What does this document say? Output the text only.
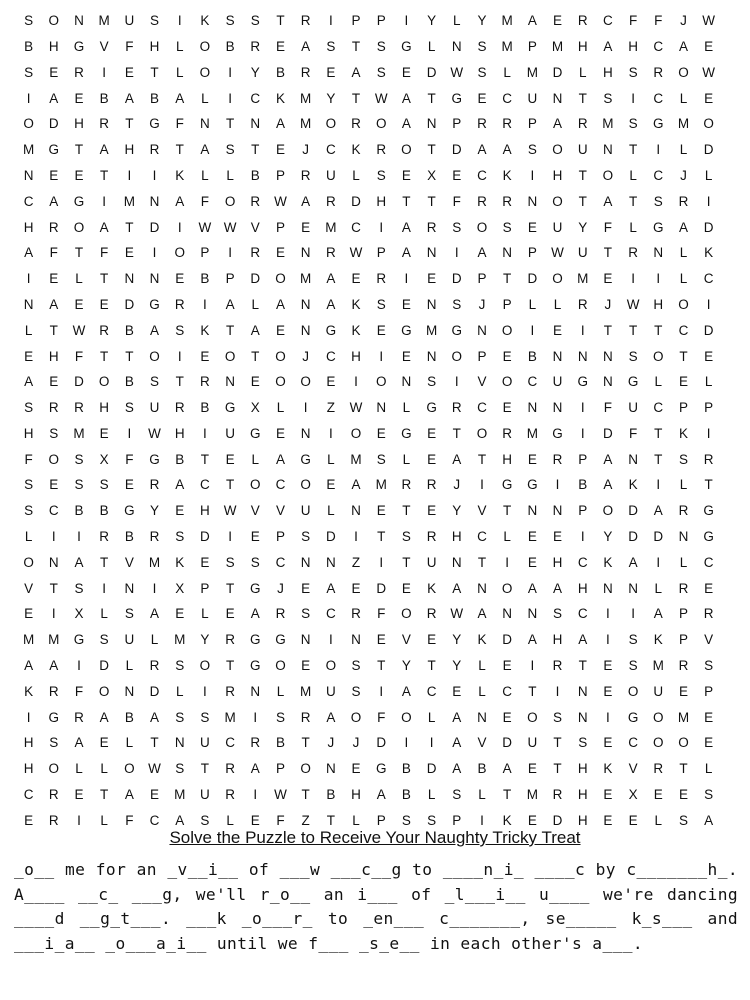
S	O	N	M	U	S	I	K	S	S	T	R	I	P	P	I	Y	L	Y	M	A	E	R	C	F	F	J	W
B	H	G	V	F	H	L	O	B	R	E	A	S	T	S	G	L	N	S	M	P	M	H	A	H	C	A	E
S	E	R	I	E	T	L	O	I	Y	B	R	E	A	S	E	D	W	S	L	M	D	L	H	S	R	O	W
I	A	E	B	A	B	A	L	I	C	K	M	Y	T	W	A	T	G	E	C	U	N	T	S	I	C	L	E
O	D	H	R	T	G	F	N	T	N	A	M	O	R	O	A	N	P	R	R	P	A	R	M	S	G	M	O
M	G	T	A	H	R	T	A	S	T	E	J	C	K	R	O	T	D	A	A	S	O	U	N	T	I	L	D
N	E	E	T	I	I	K	L	L	B	P	R	U	L	S	E	X	E	C	K	I	H	T	O	L	C	J	L
C	A	G	I	M	N	A	F	O	R	W	A	R	D	H	T	T	F	R	R	N	O	T	A	T	S	R	I
H	R	O	A	T	D	I	W W	V	P	E	M	C	I	A	R	S	O	S	E	U	Y	F	L	G	A	D
A	F	T	F	E	I	O	P	I	R	E	N	R	W	P	A	N	I	A	N	P	W	U	T	R	N	L	K
I	E	L	T	N	N	E	B	P	D	O	M	A	E	R	I	E	D	P	T	D	O	M	E	I	I	L	C
N	A	E	E	D	G	R	I	A	L	A	N	A	K	S	E	N	S	J	P	L	L	R	J	W	H	O	I
L	T	W	R	B	A	S	K	T	A	E	N	G	K	E	G	M	G	N	O	I	E	I	T	T	T	C	D
E	H	F	T	T	O	I	E	O	T	O	J	C	H	I	E	N	O	P	E	B	N	N	N	S	O	T	E
A	E	D	O	B	S	T	R	N	E	O	O	E	I	O	N	S	I	V	O	C	U	G	N	G	L	E	L
S	R	R	H	S	U	R	B	G	X	L	I	Z	W	N	L	G	R	C	E	N	N	I	F	U	C	P	P
H	S	M	E	I	W	H	I	U	G	E	N	I	O	E	G	E	T	O	R	M	G	I	D	F	T	K	I
F	O	S	X	F	G	B	T	E	L	A	G	L	M	S	L	E	A	T	H	E	R	P	A	N	T	S	R
S	E	S	S	E	R	A	C	T	O	C	O	E	A	M	R	R	J	I	G	G	I	B	A	K	I	L	T
S	C	B	B	G	Y	E	H	W	V	V	U	L	N	E	T	E	Y	V	T	N	N	P	O	D	A	R	G
L	I	I	R	B	R	S	D	I	E	P	S	D	I	T	S	R	H	C	L	E	E	I	Y	D	D	N	G
O	N	A	T	V	M	K	E	S	S	C	N	N	Z	I	T	U	N	T	I	E	H	C	K	A	I	L	C
V	T	S	I	N	I	X	P	T	G	J	E	A	E	D	E	K	A	N	O	A	A	H	N	N	L	R	E
E	I	X	L	S	A	E	L	E	A	R	S	C	R	F	O	R	W	A	N	N	S	C	I	I	A	P	R
M	M	G	S	U	L	M	Y	R	G	G	N	I	N	E	V	E	Y	K	D	A	H	A	I	S	K	P	V
A	A	I	D	L	R	S	O	T	G	O	E	O	S	T	Y	T	Y	L	E	I	R	T	E	S	M	R	S
K	R	F	O	N	D	L	I	R	N	L	M	U	S	I	A	C	E	L	C	T	I	N	E	O	U	E	P
I	G	R	A	B	A	S	S	M	I	S	R	A	O	F	O	L	A	N	E	O	S	N	I	G	O	M	E
H	S	A	E	L	T	N	U	C	R	B	T	J	J	D	I	I	A	V	D	U	T	S	E	C	O	O	E
H	O	L	L	O	W	S	T	R	A	P	O	N	E	G	B	D	A	B	A	E	T	H	K	V	R	T	L
C	R	E	T	A	E	M	U	R	I	W	T	B	H	A	B	L	S	L	T	M	R	H	E	X	E	E	S
E	R	I	L	F	C	A	S	L	E	F	Z	T	L	P	S	S	P	I	K	E	D	H	E	E	L	S	A
Solve the Puzzle to Receive Your Naughty Tricky Treat

_o__ me for an _v__i__ of ___w ___c__g to ____n_i_ ____c by c_______h_. A____ __c_ ___g, we'll r_o__ an i___ of _l___i__ u____ we're dancing ____d __g_t___. ___k _o___r_ to _en___ c_______, se_____ k_s___ and ___i_a__ _o___a_i__ until we f___ _s_e__ in each other's a___.
